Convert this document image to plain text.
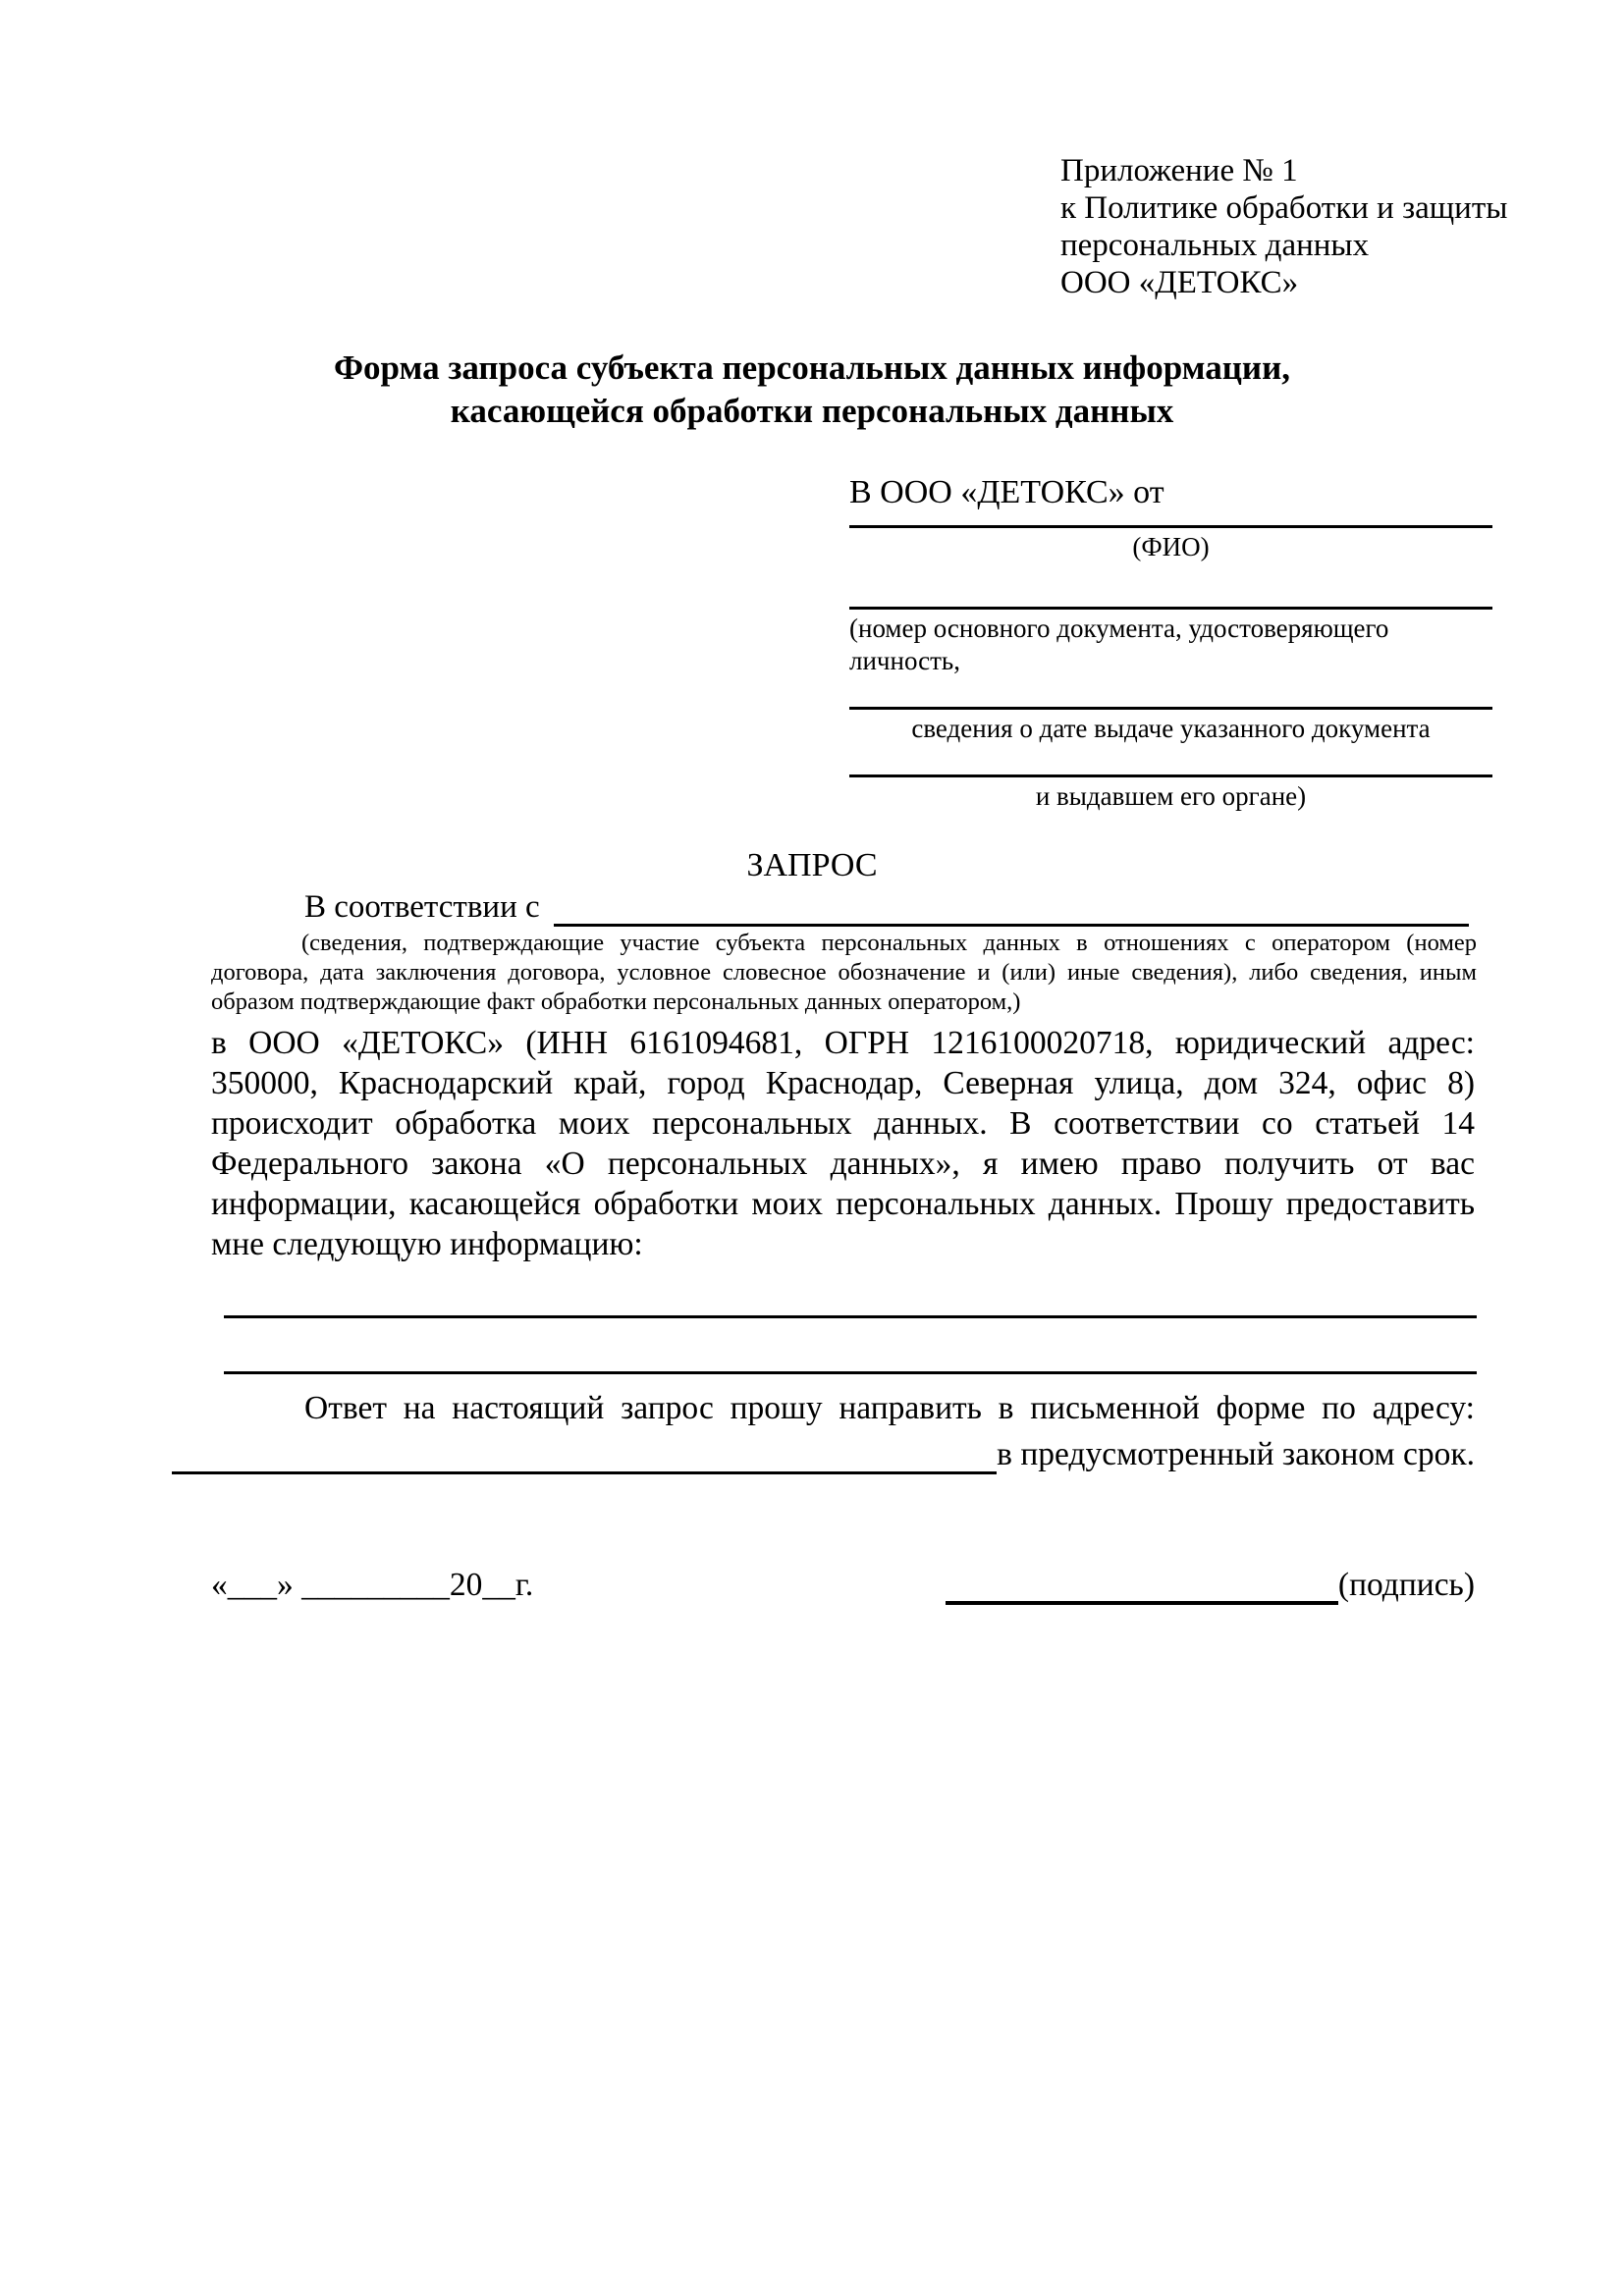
Приложение № 1
к Политике обработки и защиты
персональных данных
ООО «ДЕТОКС»
Форма запроса субъекта персональных данных информации,
касающейся обработки персональных данных
В ООО «ДЕТОКС» от
(ФИО)
(номер основного документа, удостоверяющего личность,
сведения о дате выдаче указанного документа
и выдавшем его органе)
ЗАПРОС
В соответствии с
(сведения, подтверждающие участие субъекта персональных данных в отношениях с оператором (номер договора, дата заключения договора, условное словесное обозначение и (или) иные сведения), либо сведения, иным образом подтверждающие факт обработки персональных данных оператором,)
в ООО «ДЕТОКС» (ИНН 6161094681, ОГРН 1216100020718, юридический адрес: 350000, Краснодарский край, город Краснодар, Северная улица, дом 324, офис 8) происходит обработка моих персональных данных. В соответствии со статьей 14 Федерального закона «О персональных данных», я имею право получить от вас информации, касающейся обработки моих персональных данных. Прошу предоставить мне следующую информацию:
Ответ на настоящий запрос прошу направить в письменной форме по адресу:
в предусмотренный законом срок.
«___» _________20__г.	(подпись)
